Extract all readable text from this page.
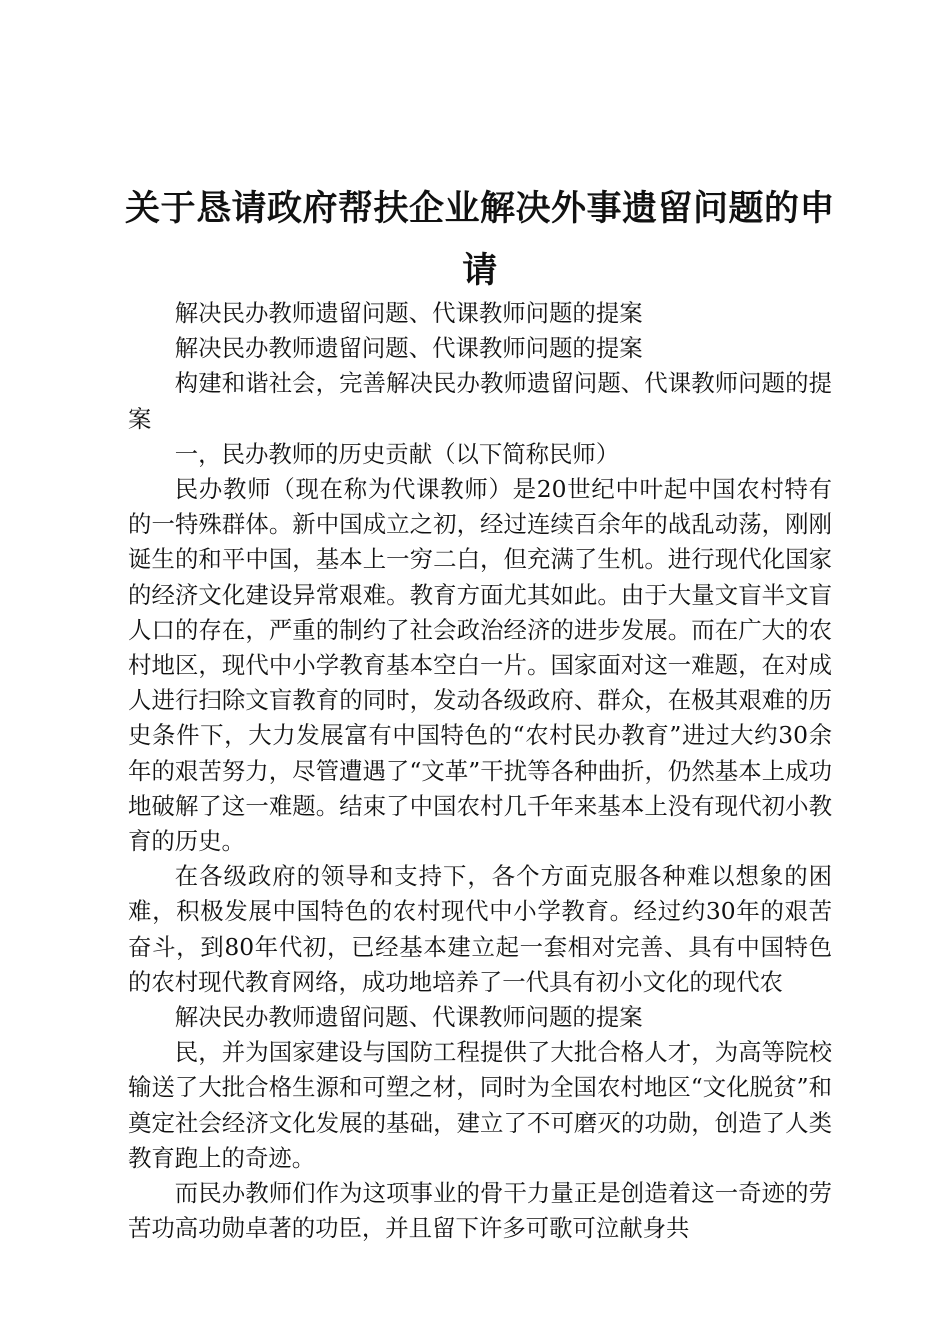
关于恳请政府帮扶企业解决外事遗留问题的申请

解决民办教师遗留问题、代课教师问题的提案

解决民办教师遗留问题、代课教师问题的提案

构建和谐社会，完善解决民办教师遗留问题、代课教师问题的提案

一，民办教师的历史贡献（以下简称民师）

民办教师（现在称为代课教师）是20世纪中叶起中国农村特有的一特殊群体。新中国成立之初，经过连续百余年的战乱动荡，刚刚诞生的和平中国，基本上一穷二白，但充满了生机。进行现代化国家的经济文化建设异常艰难。教育方面尤其如此。由于大量文盲半文盲人口的存在，严重的制约了社会政治经济的进步发展。而在广大的农村地区，现代中小学教育基本空白一片。国家面对这一难题，在对成人进行扫除文盲教育的同时，发动各级政府、群众，在极其艰难的历史条件下，大力发展富有中国特色的“农村民办教育”进过大约30余年的艰苦努力，尽管遭遇了“文革”干扰等各种曲折，仍然基本上成功地破解了这一难题。结束了中国农村几千年来基本上没有现代初小教育的历史。

在各级政府的领导和支持下，各个方面克服各种难以想象的困难，积极发展中国特色的农村现代中小学教育。经过约30年的艰苦奋斗，到80年代初，已经基本建立起一套相对完善、具有中国特色的农村现代教育网络，成功地培养了一代具有初小文化的现代农

解决民办教师遗留问题、代课教师问题的提案

民，并为国家建设与国防工程提供了大批合格人才，为高等院校输送了大批合格生源和可塑之材，同时为全国农村地区“文化脱贫”和奠定社会经济文化发展的基础，建立了不可磨灭的功勋，创造了人类教育跑上的奇迹。

而民办教师们作为这项事业的骨干力量正是创造着这一奇迹的劳苦功高功勋卓著的功臣，并且留下许多可歌可泣献身共
